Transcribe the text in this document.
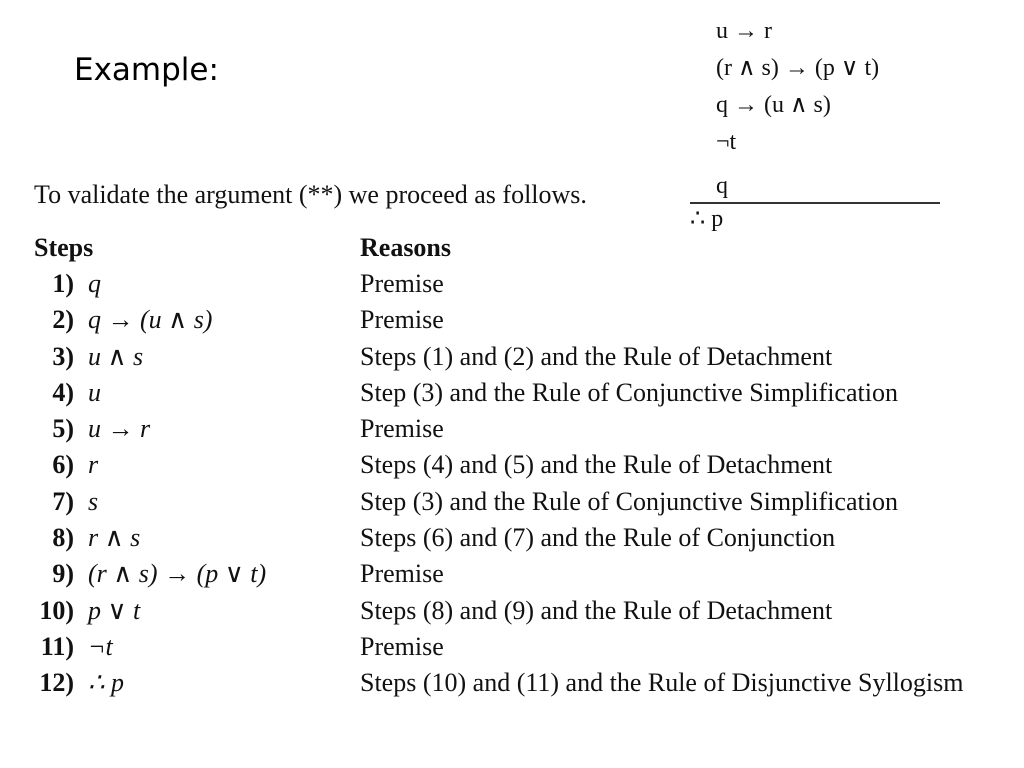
Example:
u → r
(r ∧ s) → (p ∨ t)
q → (u ∧ s)
¬t
q
∴ p
To validate the argument (**) we proceed as follows.
Steps	Reasons
1) q	Premise
2) q → (u ∧ s)	Premise
3) u ∧ s	Steps (1) and (2) and the Rule of Detachment
4) u	Step (3) and the Rule of Conjunctive Simplification
5) u → r	Premise
6) r	Steps (4) and (5) and the Rule of Detachment
7) s	Step (3) and the Rule of Conjunctive Simplification
8) r ∧ s	Steps (6) and (7) and the Rule of Conjunction
9) (r ∧ s) → (p ∨ t)	Premise
10) p ∨ t	Steps (8) and (9) and the Rule of Detachment
11) ¬t	Premise
12) ∴ p	Steps (10) and (11) and the Rule of Disjunctive Syllogism
